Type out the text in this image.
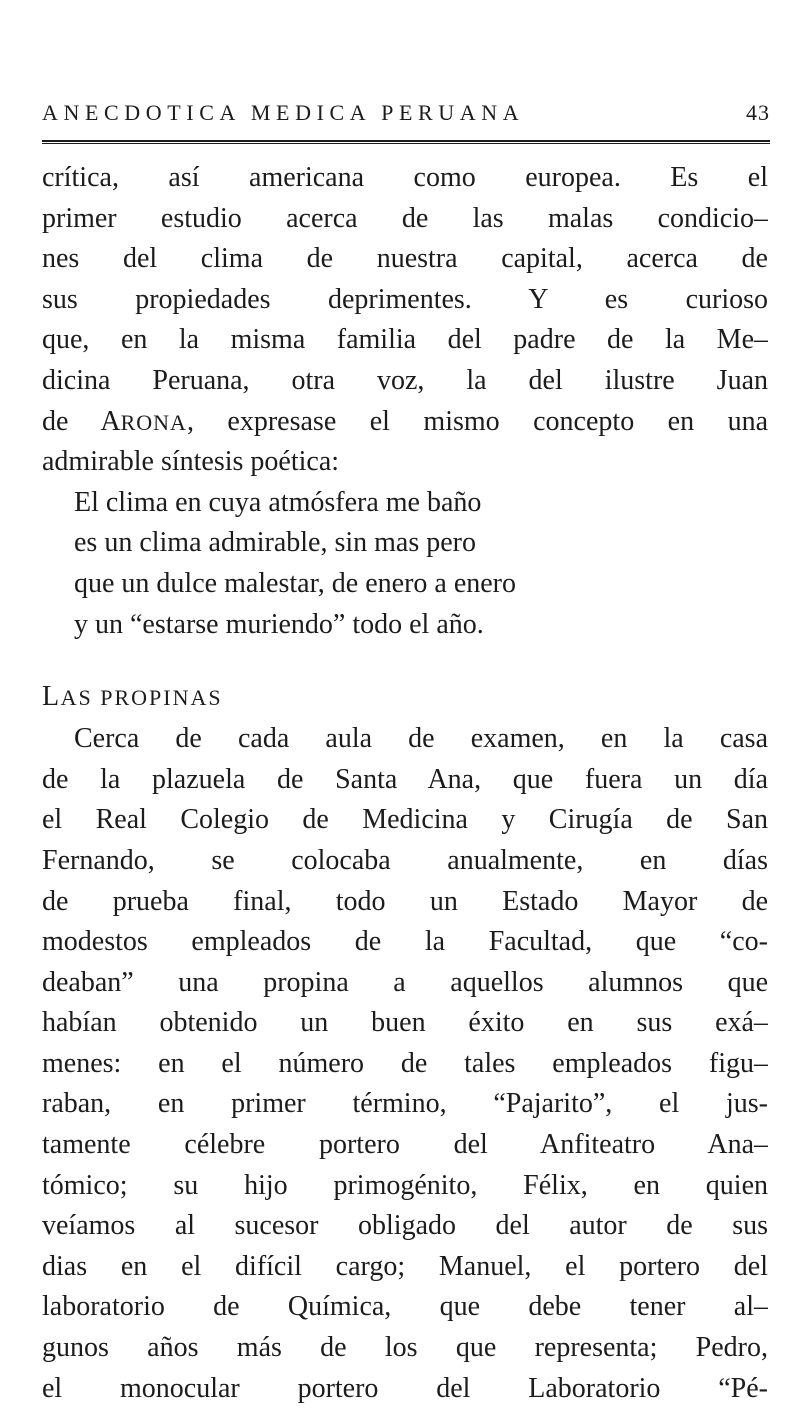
ANECDOTICA MEDICA PERUANA	43
crítica, así americana como europea. Es el
primer estudio acerca de las malas condicio–
nes del clima de nuestra capital, acerca de
sus propiedades deprimentes. Y es curioso
que, en la misma familia del padre de la Me–
dicina Peruana, otra voz, la del ilustre Juan
de ARONA, expresase el mismo concepto en una
admirable síntesis poética:
El clima en cuya atmósfera me baño
es un clima admirable, sin mas pero
que un dulce malestar, de enero a enero
y un “estarse muriendo” todo el año.
LAS PROPINAS
Cerca de cada aula de examen, en la casa
de la plazuela de Santa Ana, que fuera un día
el Real Colegio de Medicina y Cirugía de San
Fernando, se colocaba anualmente, en días
de prueba final, todo un Estado Mayor de
modestos empleados de la Facultad, que “co-
deaban” una propina a aquellos alumnos que
habían obtenido un buen éxito en sus exá–
menes: en el número de tales empleados figu–
raban, en primer término, “Pajarito”, el jus-
tamente célebre portero del Anfiteatro Ana–
tómico; su hijo primogénito, Félix, en quien
veíamos al sucesor obligado del autor de sus
dias en el difícil cargo; Manuel, el portero del
laboratorio de Química, que debe tener al–
gunos años más de los que representa; Pedro,
el monocular portero del Laboratorio “Pé-
